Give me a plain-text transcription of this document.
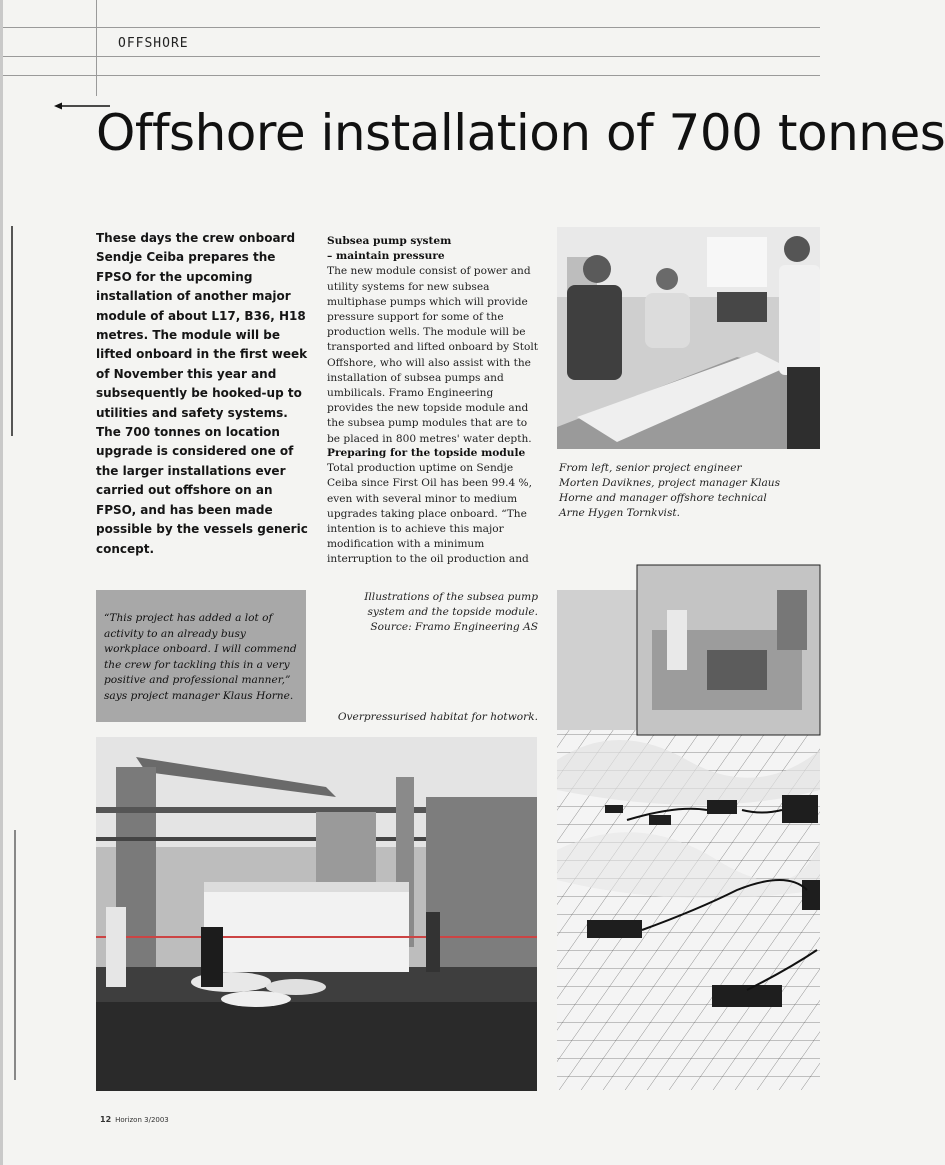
OFFSHORE
Offshore installation of 700 tonnes
These days the crew onboard Sendje Ceiba prepares the FPSO for the upcoming installation of another major module of about L17, B36, H18 metres. The module will be lifted onboard in the first week of November this year and subsequently be hooked-up to utilities and safety systems. The 700 tonnes on location upgrade is considered one of the larger installations ever carried out offshore on an FPSO, and has been made possible by the vessels generic concept.
Subsea pump system
– maintain pressure
The new module consist of power and utility systems for new subsea multiphase pumps which will provide pressure support for some of the production wells. The module will be transported and lifted onboard by Stolt Offshore, who will also assist with the installation of subsea pumps and umbilicals. Framo Engineering provides the new topside module and the subsea pump modules that are to be placed in 800 metres' water depth.
Preparing for the topside module
Total production uptime on Sendje Ceiba since First Oil has been 99.4 %, even with several minor to medium upgrades taking place onboard. “The intention is to achieve this major modification with a minimum interruption to the oil production and
From left, senior project engineer Morten Daviknes, project manager Klaus Horne and manager offshore technical Arne Hygen Tornkvist.
Illustrations of the subsea pump system and the topside module. Source: Framo Engineering AS
“This project has added a lot of activity to an already busy workplace onboard. I will commend the crew for tackling this in a very positive and professional manner,” says project manager Klaus Horne.
Overpressurised habitat for hotwork.
12 Horizon 3/2003
